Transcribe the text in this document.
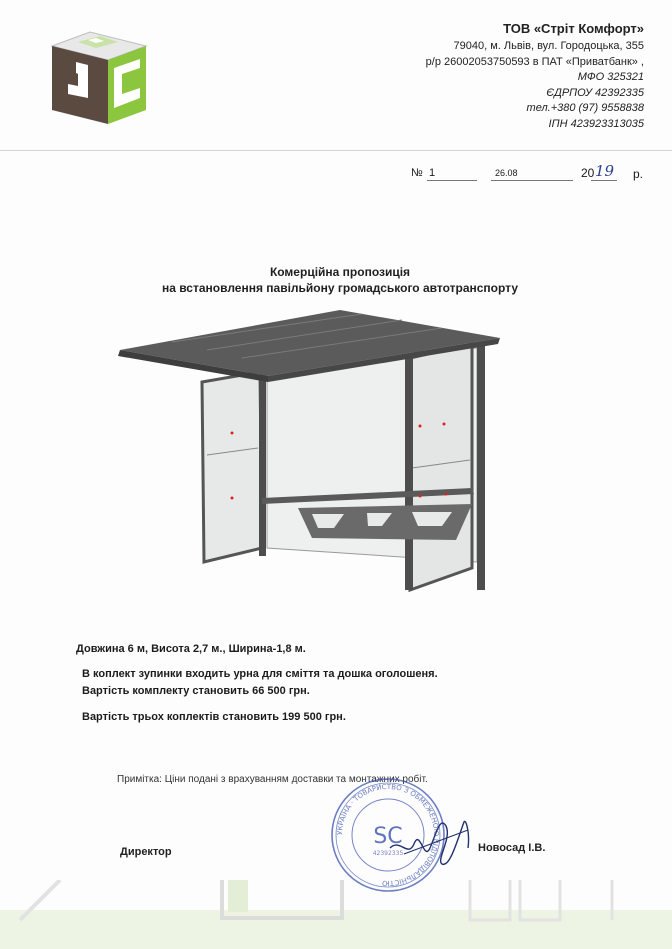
ТОВ «Стріт Комфорт»
79040, м. Львів, вул. Городоцька, 355
р/р 26002053750593 в ПАТ «Приватбанк» ,
МФО 325321
ЄДРПОУ 42392335
тел.+380 (97) 9558838
ІПН 423923313035
№ 1	26.08	20 19 р.
Комерційна пропозиція
на встановлення павільйону громадського автотранспорту
Довжина 6 м, Висота 2,7 м., Ширина-1,8 м.
В коплект зупинки входить урна для сміття та дошка оголошеня.
Вартість комплекту становить 66 500 грн.
Вартість трьох коплектів становить 199 500 грн.
Примітка: Ціни подані з врахуванням доставки та монтажних робіт.
УКРАЇНА · ТОВАРИСТВО З ОБМЕЖЕНОЮ ВІДПОВІДАЛЬНІСТЮ
SC
42392335
Директор	Новосад І.В.
